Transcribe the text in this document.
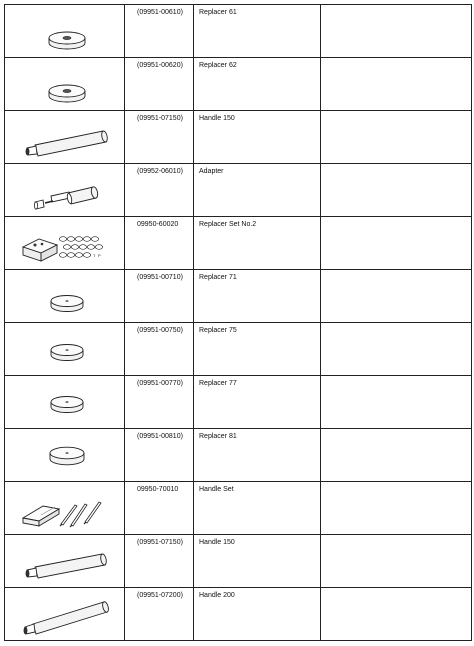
(09951-00610)	Replacer 61	

(09951-00620)	Replacer 62	

(09951-07150)	Handle 150	

(09952-06010)	Adapter	

T P	09950-60020	Replacer Set No.2	

(09951-00710)	Replacer 71	

(09951-00750)	Replacer 75	

(09951-00770)	Replacer 77	

(09951-00810)	Replacer 81	

09950-70010	Handle Set	

(09951-07150)	Handle 150	

(09951-07200)	Handle 200	
